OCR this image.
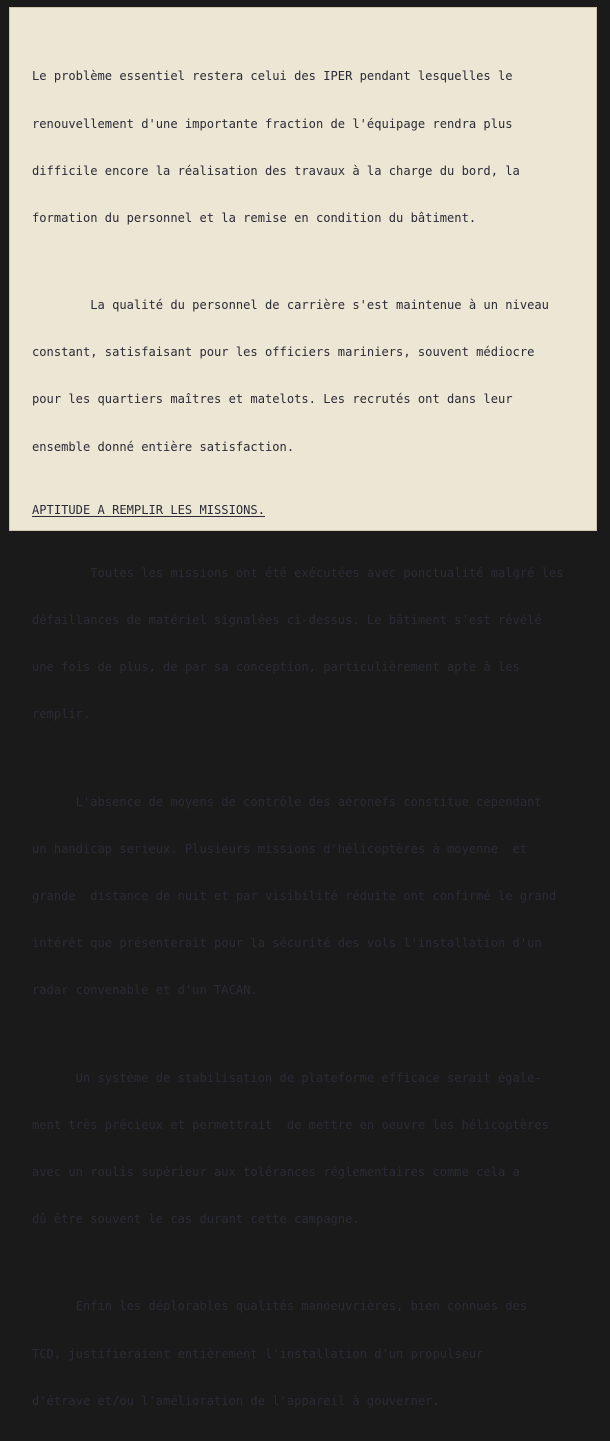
Le problème essentiel restera celui des IPER pendant lesquelles le

renouvellement d'une importante fraction de l'équipage rendra plus

difficile encore la réalisation des travaux à la charge du bord, la

formation du personnel et la remise en condition du bâtiment.

La qualité du personnel de carrière s'est maintenue à un niveau

constant, satisfaisant pour les officiers mariniers, souvent médiocre

pour les quartiers maîtres et matelots. Les recrutés ont dans leur

ensemble donné entière satisfaction.

APTITUDE A REMPLIR LES MISSIONS.

Toutes les missions ont été exécutées avec ponctualité malgré les

défaillances de matériel signalées ci-dessus. Le bâtiment s'est révélé

une fois de plus, de par sa conception, particulièrement apte à les

remplir.

L'absence de moyens de contrôle des aéronefs constitue cependant

un handicap serieux. Plusieurs missions d'hélicoptères à moyenne  et

grande  distance de nuit et par visibilité réduite ont confirmé le grand

intérêt que présenterait pour la sécurité des vols l'installation d'un

radar convenable et d'un TACAN.

Un système de stabilisation de plateforme efficace serait égale-

ment très précieux et permettrait  de mettre en oeuvre les hélicoptères

avec un roulis supérieur aux tolérances réglementaires comme cela a

dû être souvent le cas durant cette campagne.

Enfin les déplorables qualités manoeuvrières, bien connues des

TCD, justifieraient entièrement l'installation d'un propulseur

d'étrave et/ou l'amélioration de l'appareil à gouverner.
